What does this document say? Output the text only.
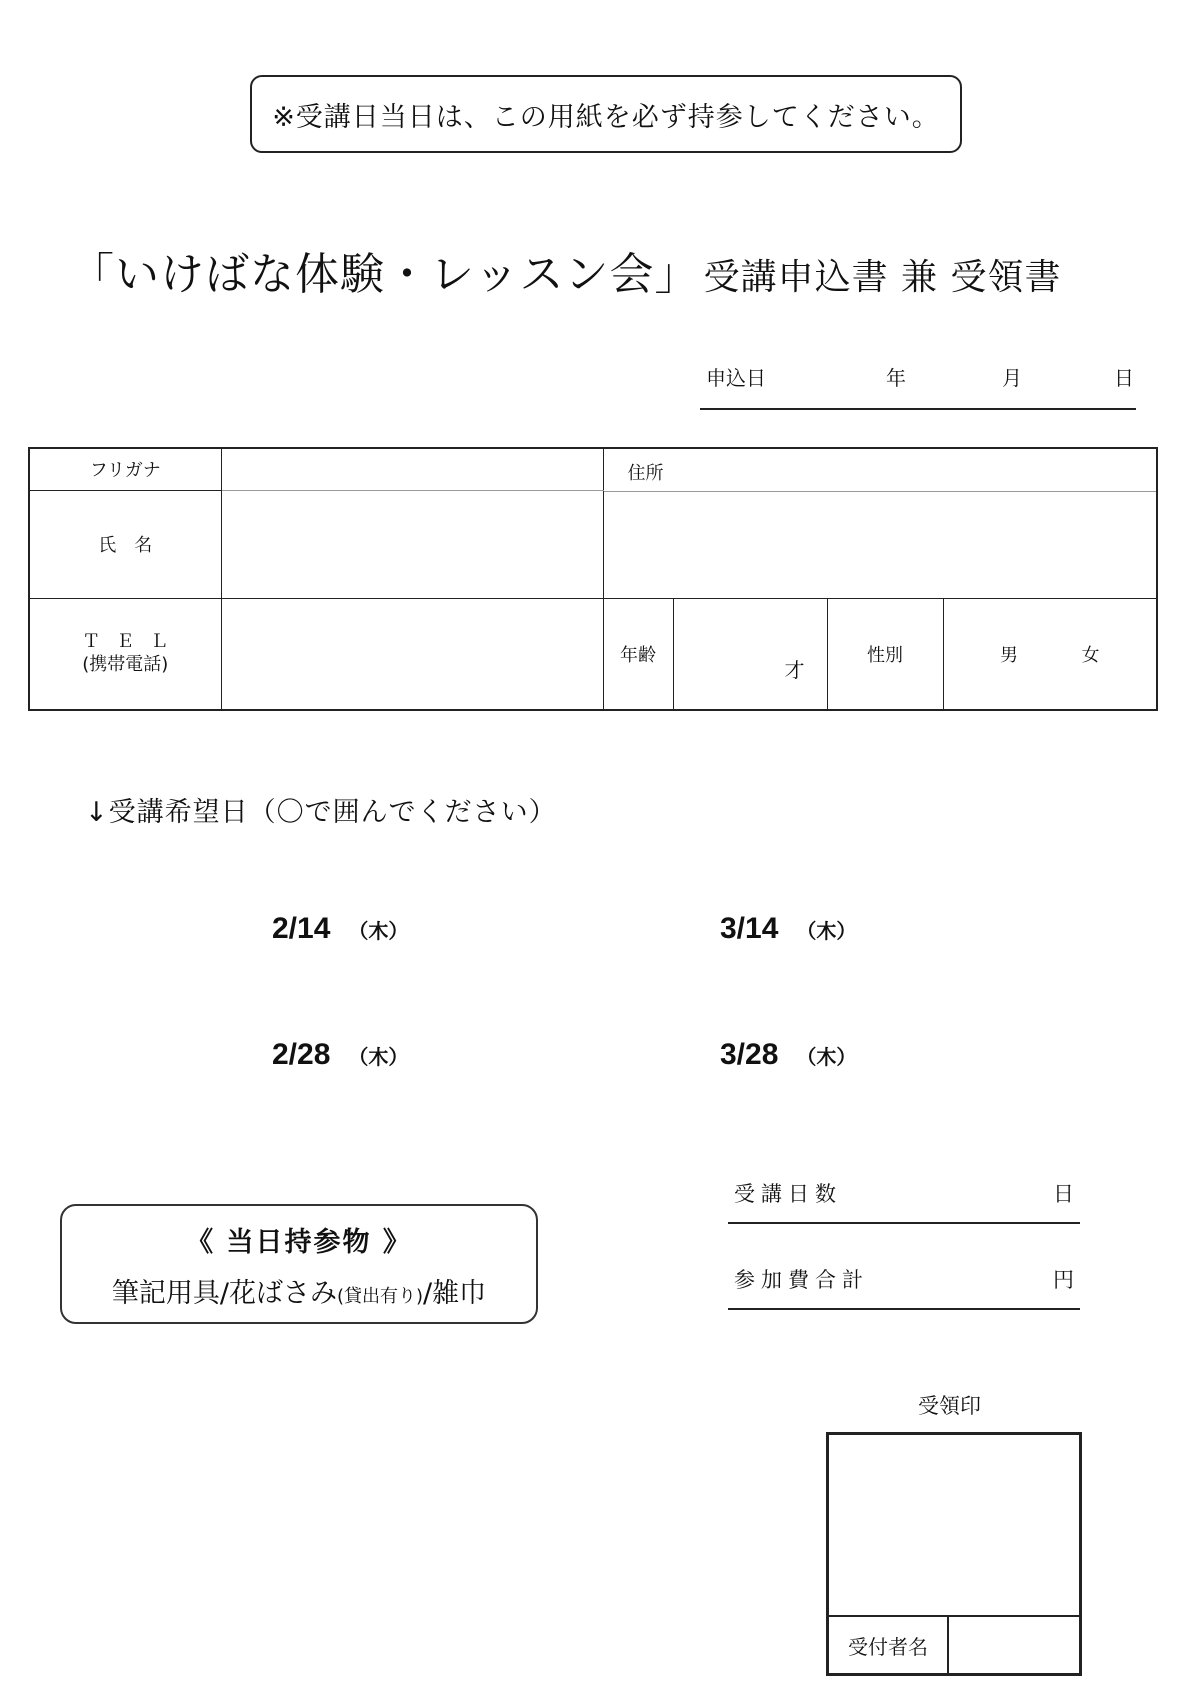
※受講日当日は、この用紙を必ず持参してください。
「いけばな体験・レッスン会」 受講申込書 兼 受領書
申込日	年	月	日
フリガナ		住所			

氏　名					

ＴＥＬ
(携帯電話)		年齢	才	性別	男 女
↓受講希望日（〇で囲んでください）
2/14 （木）	3/14 （木）
2/28 （木）	3/28 （木）
《 当日持参物 》
筆記用具/花ばさみ(貸出有り)/雑巾
受講日数	日
参加費合計	円
受領印
受付者名
